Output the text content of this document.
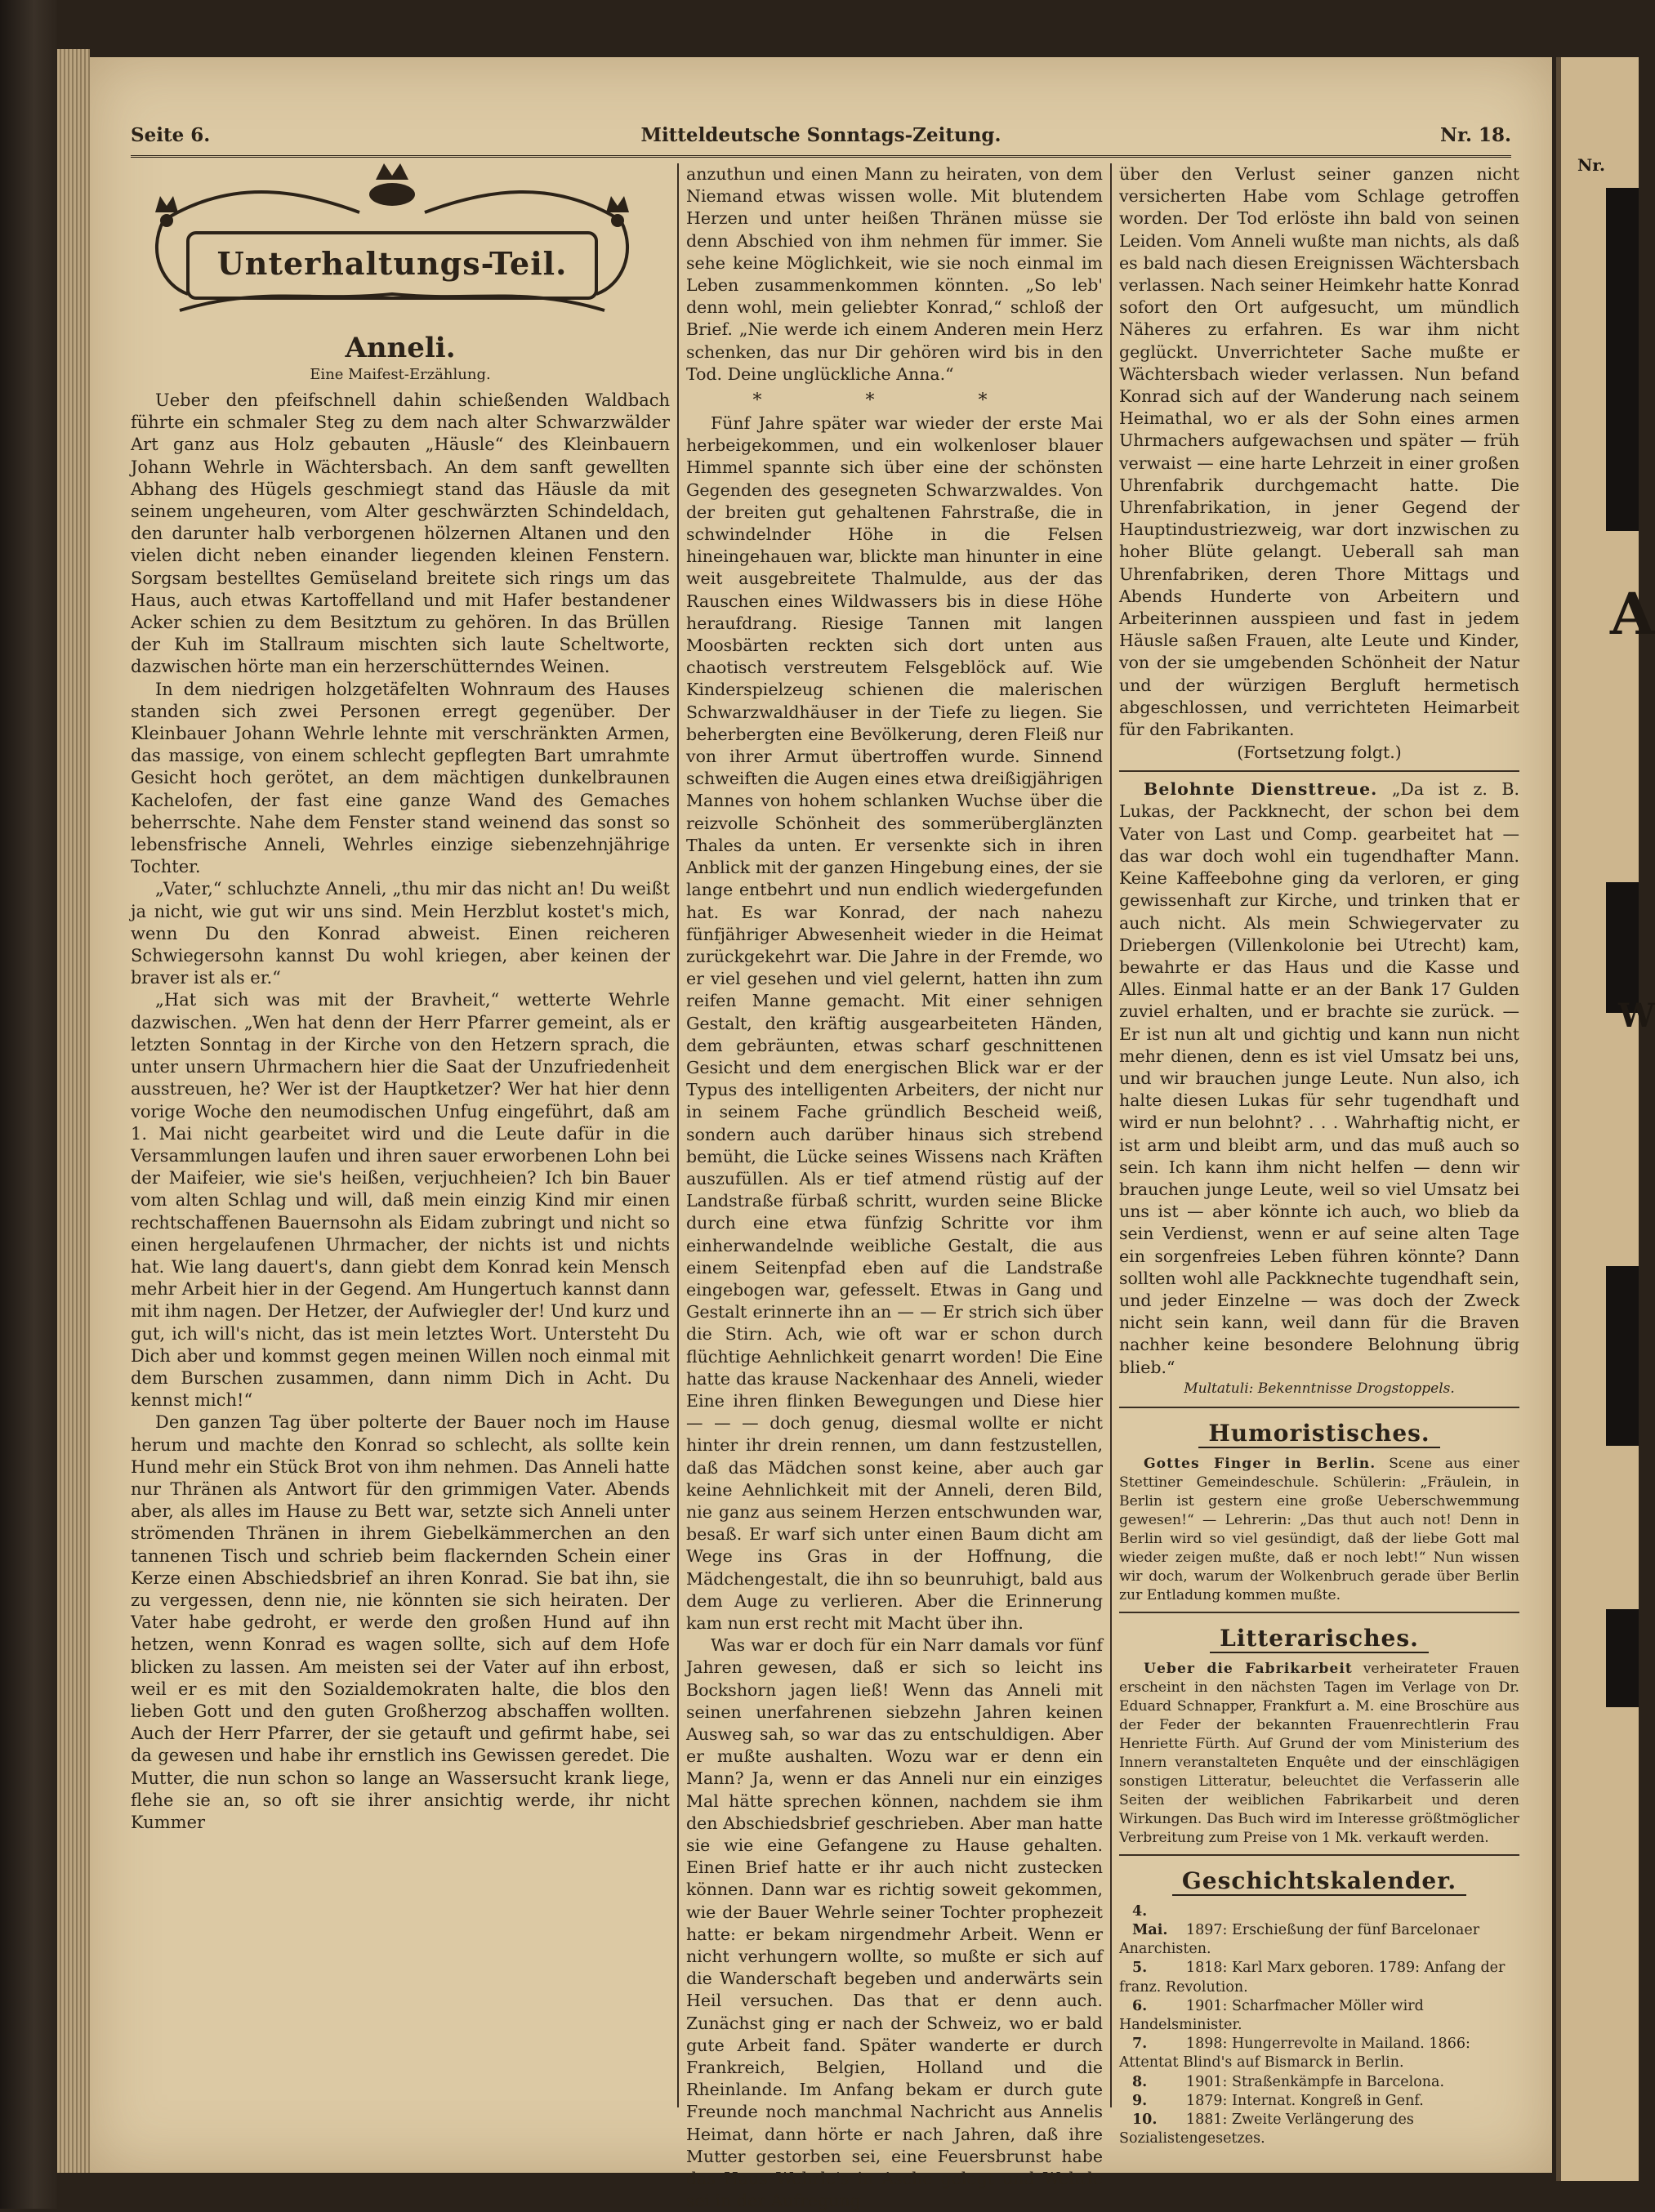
Nr.
A
W
Seite 6.	Mitteldeutsche Sonntags-Zeitung.	Nr. 18.
Unterhaltungs-Teil.
Anneli.
Eine Maifest-Erzählung.

Ueber den pfeifschnell dahin schießenden Waldbach führte ein schmaler Steg zu dem nach alter Schwarzwälder Art ganz aus Holz gebauten „Häusle“ des Kleinbauern Johann Wehrle in Wächtersbach. An dem sanft gewellten Abhang des Hügels geschmiegt stand das Häusle da mit seinem ungeheuren, vom Alter geschwärzten Schindeldach, den darunter halb verborgenen hölzernen Altanen und den vielen dicht neben einander liegenden kleinen Fenstern. Sorgsam bestelltes Gemüseland breitete sich rings um das Haus, auch etwas Kartoffelland und mit Hafer bestandener Acker schien zu dem Besitztum zu gehören. In das Brüllen der Kuh im Stallraum mischten sich laute Scheltworte, dazwischen hörte man ein herzerschütterndes Weinen.

In dem niedrigen holzgetäfelten Wohnraum des Hauses standen sich zwei Personen erregt gegenüber. Der Kleinbauer Johann Wehrle lehnte mit verschränkten Armen, das massige, von einem schlecht gepflegten Bart umrahmte Gesicht hoch gerötet, an dem mächtigen dunkelbraunen Kachelofen, der fast eine ganze Wand des Gemaches beherrschte. Nahe dem Fenster stand weinend das sonst so lebensfrische Anneli, Wehrles einzige siebenzehnjährige Tochter.

„Vater,“ schluchzte Anneli, „thu mir das nicht an! Du weißt ja nicht, wie gut wir uns sind. Mein Herzblut kostet's mich, wenn Du den Konrad abweist. Einen reicheren Schwiegersohn kannst Du wohl kriegen, aber keinen der braver ist als er.“

„Hat sich was mit der Bravheit,“ wetterte Wehrle dazwischen. „Wen hat denn der Herr Pfarrer gemeint, als er letzten Sonntag in der Kirche von den Hetzern sprach, die unter unsern Uhrmachern hier die Saat der Unzufriedenheit ausstreuen, he? Wer ist der Hauptketzer? Wer hat hier denn vorige Woche den neumodischen Unfug eingeführt, daß am 1. Mai nicht gearbeitet wird und die Leute dafür in die Versammlungen laufen und ihren sauer erworbenen Lohn bei der Maifeier, wie sie's heißen, verjuchheien? Ich bin Bauer vom alten Schlag und will, daß mein einzig Kind mir einen rechtschaffenen Bauernsohn als Eidam zubringt und nicht so einen hergelaufenen Uhrmacher, der nichts ist und nichts hat. Wie lang dauert's, dann giebt dem Konrad kein Mensch mehr Arbeit hier in der Gegend. Am Hungertuch kannst dann mit ihm nagen. Der Hetzer, der Aufwiegler der! Und kurz und gut, ich will's nicht, das ist mein letztes Wort. Untersteht Du Dich aber und kommst gegen meinen Willen noch einmal mit dem Burschen zusammen, dann nimm Dich in Acht. Du kennst mich!“

Den ganzen Tag über polterte der Bauer noch im Hause herum und machte den Konrad so schlecht, als sollte kein Hund mehr ein Stück Brot von ihm nehmen. Das Anneli hatte nur Thränen als Antwort für den grimmigen Vater. Abends aber, als alles im Hause zu Bett war, setzte sich Anneli unter strömenden Thränen in ihrem Giebelkämmerchen an den tannenen Tisch und schrieb beim flackernden Schein einer Kerze einen Abschiedsbrief an ihren Konrad. Sie bat ihn, sie zu vergessen, denn nie, nie könnten sie sich heiraten. Der Vater habe gedroht, er werde den großen Hund auf ihn hetzen, wenn Konrad es wagen sollte, sich auf dem Hofe blicken zu lassen. Am meisten sei der Vater auf ihn erbost, weil er es mit den Sozialdemokraten halte, die blos den lieben Gott und den guten Großherzog abschaffen wollten. Auch der Herr Pfarrer, der sie getauft und gefirmt habe, sei da gewesen und habe ihr ernstlich ins Gewissen geredet. Die Mutter, die nun schon so lange an Wassersucht krank liege, flehe sie an, so oft sie ihrer ansichtig werde, ihr nicht Kummer

anzuthun und einen Mann zu heiraten, von dem Niemand etwas wissen wolle. Mit blutendem Herzen und unter heißen Thränen müsse sie denn Abschied von ihm nehmen für immer. Sie sehe keine Möglichkeit, wie sie noch einmal im Leben zusammenkommen könnten. „So leb' denn wohl, mein geliebter Konrad,“ schloß der Brief. „Nie werde ich einem Anderen mein Herz schenken, das nur Dir gehören wird bis in den Tod. Deine unglückliche Anna.“

* * *

Fünf Jahre später war wieder der erste Mai herbeigekommen, und ein wolkenloser blauer Himmel spannte sich über eine der schönsten Gegenden des gesegneten Schwarzwaldes. Von der breiten gut gehaltenen Fahrstraße, die in schwindelnder Höhe in die Felsen hineingehauen war, blickte man hinunter in eine weit ausgebreitete Thalmulde, aus der das Rauschen eines Wildwassers bis in diese Höhe heraufdrang. Riesige Tannen mit langen Moosbärten reckten sich dort unten aus chaotisch verstreutem Felsgeblöck auf. Wie Kinderspielzeug schienen die malerischen Schwarzwaldhäuser in der Tiefe zu liegen. Sie beherbergten eine Bevölkerung, deren Fleiß nur von ihrer Armut übertroffen wurde. Sinnend schweiften die Augen eines etwa dreißigjährigen Mannes von hohem schlanken Wuchse über die reizvolle Schönheit des sommerüberglänzten Thales da unten. Er versenkte sich in ihren Anblick mit der ganzen Hingebung eines, der sie lange entbehrt und nun endlich wiedergefunden hat. Es war Konrad, der nach nahezu fünfjähriger Abwesenheit wieder in die Heimat zurückgekehrt war. Die Jahre in der Fremde, wo er viel gesehen und viel gelernt, hatten ihn zum reifen Manne gemacht. Mit einer sehnigen Gestalt, den kräftig ausgearbeiteten Händen, dem gebräunten, etwas scharf geschnittenen Gesicht und dem energischen Blick war er der Typus des intelligenten Arbeiters, der nicht nur in seinem Fache gründlich Bescheid weiß, sondern auch darüber hinaus sich strebend bemüht, die Lücke seines Wissens nach Kräften auszufüllen. Als er tief atmend rüstig auf der Landstraße fürbaß schritt, wurden seine Blicke durch eine etwa fünfzig Schritte vor ihm einherwandelnde weibliche Gestalt, die aus einem Seitenpfad eben auf die Landstraße eingebogen war, gefesselt. Etwas in Gang und Gestalt erinnerte ihn an — — Er strich sich über die Stirn. Ach, wie oft war er schon durch flüchtige Aehnlichkeit genarrt worden! Die Eine hatte das krause Nackenhaar des Anneli, wieder Eine ihren flinken Bewegungen und Diese hier — — — doch genug, diesmal wollte er nicht hinter ihr drein rennen, um dann festzustellen, daß das Mädchen sonst keine, aber auch gar keine Aehnlichkeit mit der Anneli, deren Bild, nie ganz aus seinem Herzen entschwunden war, besaß. Er warf sich unter einen Baum dicht am Wege ins Gras in der Hoffnung, die Mädchengestalt, die ihn so beunruhigt, bald aus dem Auge zu verlieren. Aber die Erinnerung kam nun erst recht mit Macht über ihn.

Was war er doch für ein Narr damals vor fünf Jahren gewesen, daß er sich so leicht ins Bockshorn jagen ließ! Wenn das Anneli mit seinen unerfahrenen siebzehn Jahren keinen Ausweg sah, so war das zu entschuldigen. Aber er mußte aushalten. Wozu war er denn ein Mann? Ja, wenn er das Anneli nur ein einziges Mal hätte sprechen können, nachdem sie ihm den Abschiedsbrief geschrieben. Aber man hatte sie wie eine Gefangene zu Hause gehalten. Einen Brief hatte er ihr auch nicht zustecken können. Dann war es richtig soweit gekommen, wie der Bauer Wehrle seiner Tochter prophezeit hatte: er bekam nirgendmehr Arbeit. Wenn er nicht verhungern wollte, so mußte er sich auf die Wanderschaft begeben und anderwärts sein Heil versuchen. Das that er denn auch. Zunächst ging er nach der Schweiz, wo er bald gute Arbeit fand. Später wanderte er durch Frankreich, Belgien, Holland und die Rheinlande. Im Anfang bekam er durch gute Freunde noch manchmal Nachricht aus Annelis Heimat, dann hörte er nach Jahren, daß ihre Mutter gestorben sei, eine Feuersbrunst habe das Haus Wehrle's in Asche gelegt und Wehrle sei in der Aufregung

über den Verlust seiner ganzen nicht versicherten Habe vom Schlage getroffen worden. Der Tod erlöste ihn bald von seinen Leiden. Vom Anneli wußte man nichts, als daß es bald nach diesen Ereignissen Wächtersbach verlassen. Nach seiner Heimkehr hatte Konrad sofort den Ort aufgesucht, um mündlich Näheres zu erfahren. Es war ihm nicht geglückt. Unverrichteter Sache mußte er Wächtersbach wieder verlassen. Nun befand Konrad sich auf der Wanderung nach seinem Heimathal, wo er als der Sohn eines armen Uhrmachers aufgewachsen und später — früh verwaist — eine harte Lehrzeit in einer großen Uhrenfabrik durchgemacht hatte. Die Uhrenfabrikation, in jener Gegend der Hauptindustriezweig, war dort inzwischen zu hoher Blüte gelangt. Ueberall sah man Uhrenfabriken, deren Thore Mittags und Abends Hunderte von Arbeitern und Arbeiterinnen ausspieen und fast in jedem Häusle saßen Frauen, alte Leute und Kinder, von der sie umgebenden Schönheit der Natur und der würzigen Bergluft hermetisch abgeschlossen, und verrichteten Heimarbeit für den Fabrikanten.

(Fortsetzung folgt.)

Belohnte Diensttreue. „Da ist z. B. Lukas, der Packknecht, der schon bei dem Vater von Last und Comp. gearbeitet hat — das war doch wohl ein tugendhafter Mann. Keine Kaffeebohne ging da verloren, er ging gewissenhaft zur Kirche, und trinken that er auch nicht. Als mein Schwiegervater zu Driebergen (Villenkolonie bei Utrecht) kam, bewahrte er das Haus und die Kasse und Alles. Einmal hatte er an der Bank 17 Gulden zuviel erhalten, und er brachte sie zurück. — Er ist nun alt und gichtig und kann nun nicht mehr dienen, denn es ist viel Umsatz bei uns, und wir brauchen junge Leute. Nun also, ich halte diesen Lukas für sehr tugendhaft und wird er nun belohnt? . . . Wahrhaftig nicht, er ist arm und bleibt arm, und das muß auch so sein. Ich kann ihm nicht helfen — denn wir brauchen junge Leute, weil so viel Umsatz bei uns ist — aber könnte ich auch, wo blieb da sein Verdienst, wenn er auf seine alten Tage ein sorgenfreies Leben führen könnte? Dann sollten wohl alle Packknechte tugendhaft sein, und jeder Einzelne — was doch der Zweck nicht sein kann, weil dann für die Braven nachher keine besondere Belohnung übrig blieb.“

Multatuli: Bekenntnisse Drogstoppels.
Humoristisches.

Gottes Finger in Berlin. Scene aus einer Stettiner Gemeindeschule. Schülerin: „Fräulein, in Berlin ist gestern eine große Ueberschwemmung gewesen!“ — Lehrerin: „Das thut auch not! Denn in Berlin wird so viel gesündigt, daß der liebe Gott mal wieder zeigen mußte, daß er noch lebt!“ Nun wissen wir doch, warum der Wolkenbruch gerade über Berlin zur Entladung kommen mußte.

Litterarisches.

Ueber die Fabrikarbeit verheirateter Frauen erscheint in den nächsten Tagen im Verlage von Dr. Eduard Schnapper, Frankfurt a. M. eine Broschüre aus der Feder der bekannten Frauenrechtlerin Frau Henriette Fürth. Auf Grund der vom Ministerium des Innern veranstalteten Enquête und der einschlägigen sonstigen Litteratur, beleuchtet die Verfasserin alle Seiten der weiblichen Fabrikarbeit und deren Wirkungen. Das Buch wird im Interesse größtmöglicher Verbreitung zum Preise von 1 Mk. verkauft werden.

Geschichtskalender.
4. Mai. 1897: Erschießung der fünf Barcelonaer Anarchisten.
5.	1818: Karl Marx geboren. 1789: Anfang der franz. Revolution.
6.	1901: Scharfmacher Möller wird Handelsminister.
7.	1898: Hungerrevolte in Mailand. 1866: Attentat Blind's auf Bismarck in Berlin.
8.	1901: Straßenkämpfe in Barcelona.
9.	1879: Internat. Kongreß in Genf.
10. 1881: Zweite Verlängerung des Sozialistengesetzes.
